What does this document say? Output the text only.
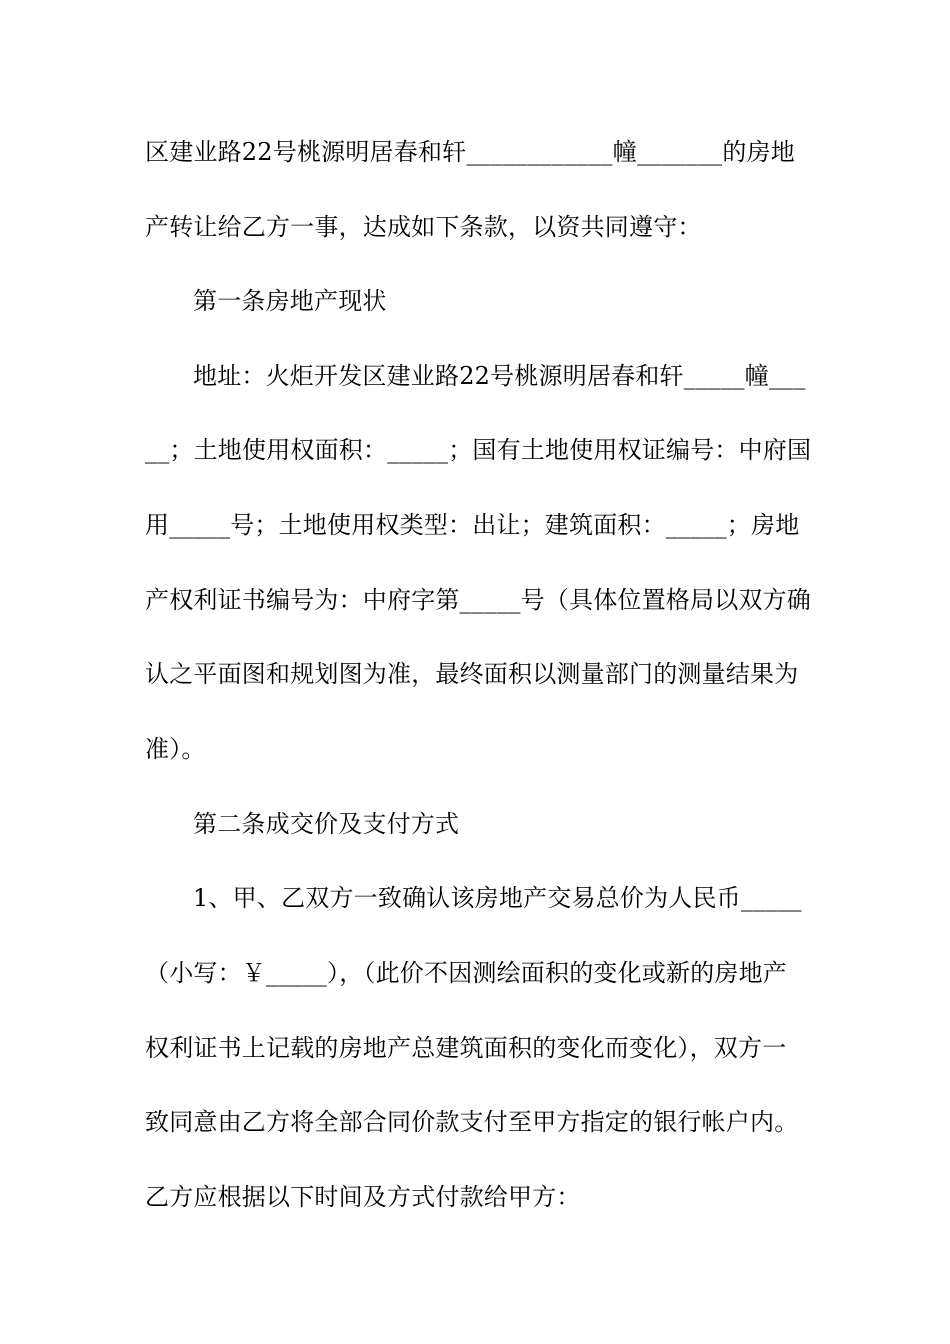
区建业路22号桃源明居春和轩____________幢_______的房地
产转让给乙方一事，达成如下条款，以资共同遵守：
第一条房地产现状
地址：火炬开发区建业路22号桃源明居春和轩_____幢___
__；土地使用权面积：_____；国有土地使用权证编号：中府国
用_____号；土地使用权类型：出让；建筑面积：_____；房地
产权利证书编号为：中府字第_____号（具体位置格局以双方确
认之平面图和规划图为准，最终面积以测量部门的测量结果为
准）。
第二条成交价及支付方式
1、甲、乙双方一致确认该房地产交易总价为人民币_____
（小写：￥_____），（此价不因测绘面积的变化或新的房地产
权利证书上记载的房地产总建筑面积的变化而变化），双方一
致同意由乙方将全部合同价款支付至甲方指定的银行帐户内。
乙方应根据以下时间及方式付款给甲方：
